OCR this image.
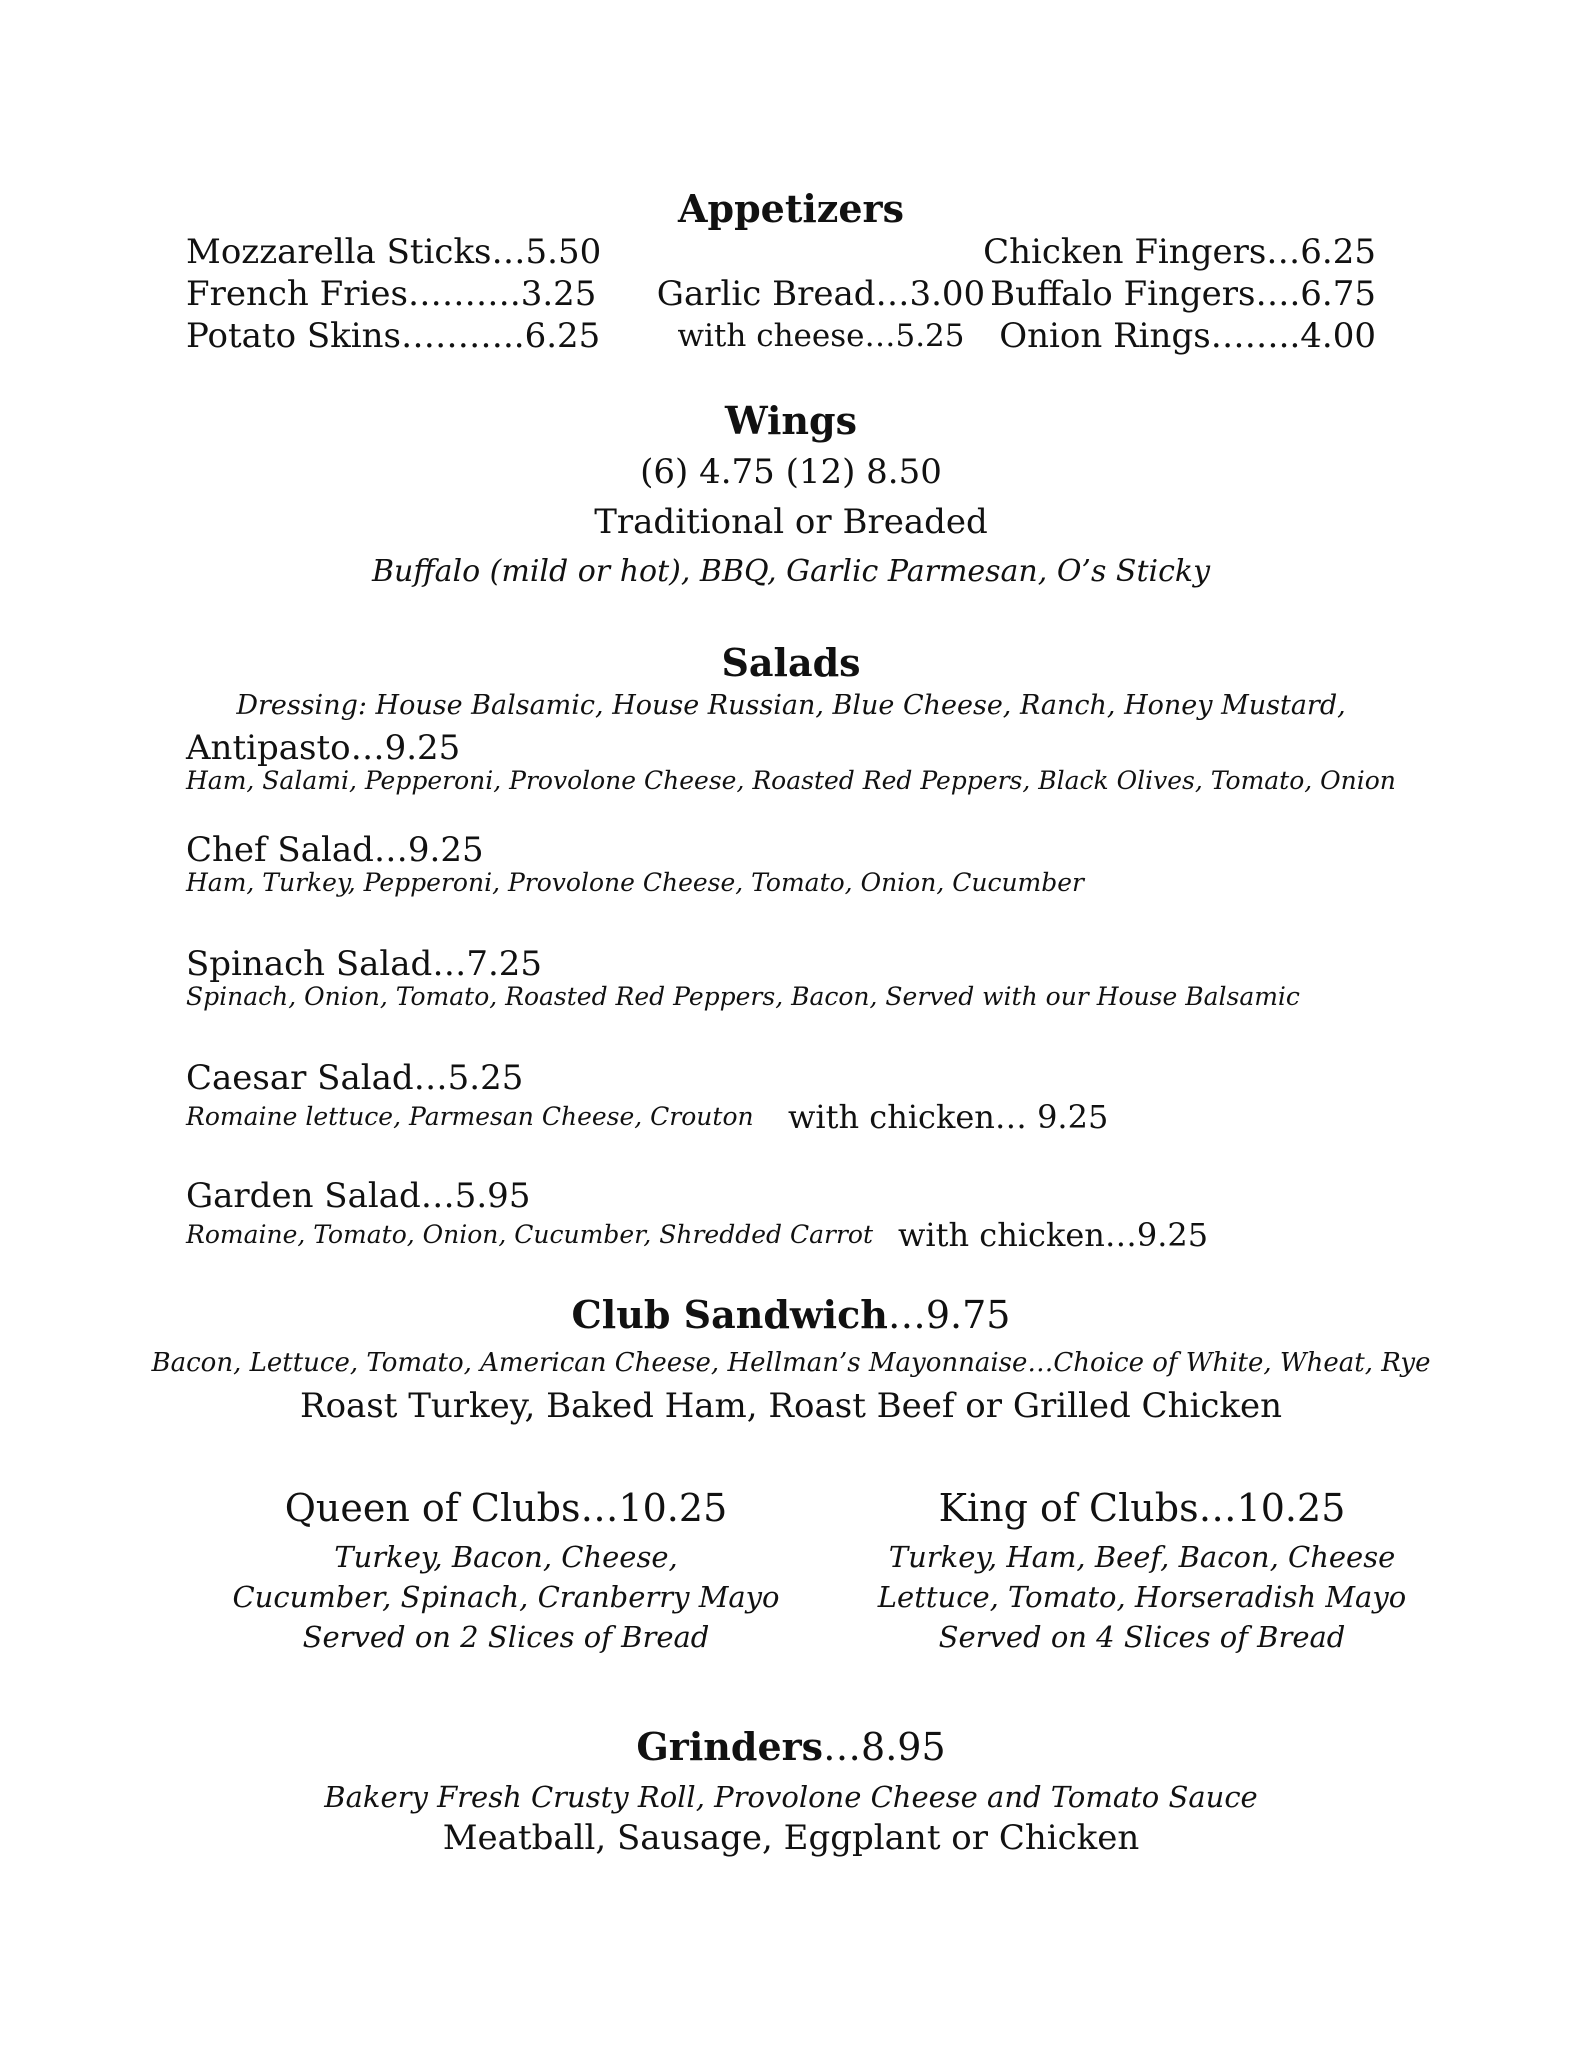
Appetizers
Mozzarella Sticks…5.50
French Fries……….3.25
Potato Skins………..6.25
Garlic Bread…3.00
with cheese…5.25
Chicken Fingers…6.25
Buffalo Fingers….6.75
Onion Rings……..4.00
Wings
(6) 4.75 (12) 8.50
Traditional or Breaded
Buffalo (mild or hot), BBQ, Garlic Parmesan, O’s Sticky
Salads
Dressing: House Balsamic, House Russian, Blue Cheese, Ranch, Honey Mustard,
Antipasto…9.25
Ham, Salami, Pepperoni, Provolone Cheese, Roasted Red Peppers, Black Olives, Tomato, Onion
Chef Salad…9.25
Ham, Turkey, Pepperoni, Provolone Cheese, Tomato, Onion, Cucumber
Spinach Salad…7.25
Spinach, Onion, Tomato, Roasted Red Peppers, Bacon, Served with our House Balsamic
Caesar Salad…5.25
Romaine lettuce, Parmesan Cheese, Crouton with chicken… 9.25
Garden Salad…5.95
Romaine, Tomato, Onion, Cucumber, Shredded Carrot with chicken…9.25
Club Sandwich…9.75
Bacon, Lettuce, Tomato, American Cheese, Hellman’s Mayonnaise…Choice of White, Wheat, Rye
Roast Turkey, Baked Ham, Roast Beef or Grilled Chicken
Queen of Clubs…10.25
Turkey, Bacon, Cheese,
Cucumber, Spinach, Cranberry Mayo
Served on 2 Slices of Bread
King of Clubs…10.25
Turkey, Ham, Beef, Bacon, Cheese
Lettuce, Tomato, Horseradish Mayo
Served on 4 Slices of Bread
Grinders…8.95
Bakery Fresh Crusty Roll, Provolone Cheese and Tomato Sauce
Meatball, Sausage, Eggplant or Chicken
